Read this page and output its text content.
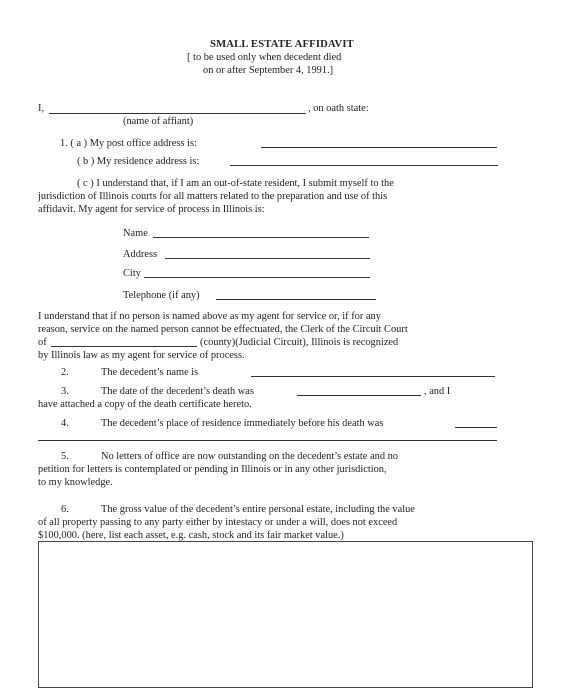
SMALL ESTATE AFFIDAVIT
[ to be used only when decedent died
on or after September 4, 1991.]
I,	, on oath state:
(name of affiant)
1. ( a ) My post office address is:
( b ) My residence address is:
( c ) I understand that, if I am an out-of-state resident, I submit myself to the
jurisdiction of Illinois courts for all matters related to the preparation and use of this
affidavit. My agent for service of process in Illinois is:
Name
Address
City
Telephone (if any)
I understand that if no person is named above as my agent for service or, if for any
reason, service on the named person cannot be effectuated, the Clerk of the Circuit Court
of	(county)(Judicial Circuit), Illinois is recognized
by Illinois law as my agent for service of process.
2.	The decedent’s name is
3.	The date of the decedent’s death was	, and I
have attached a copy of the death certificate hereto.
4.	The decedent’s place of residence immediately before his death was
5.	No letters of office are now outstanding on the decedent’s estate and no
petition for letters is contemplated or pending in Illinois or in any other jurisdiction,
to my knowledge.
6.	The gross value of the decedent’s entire personal estate, including the value
of all property passing to any party either by intestacy or under a will, does not exceed
$100,000. (here, list each asset, e.g. cash, stock and its fair market value.)
